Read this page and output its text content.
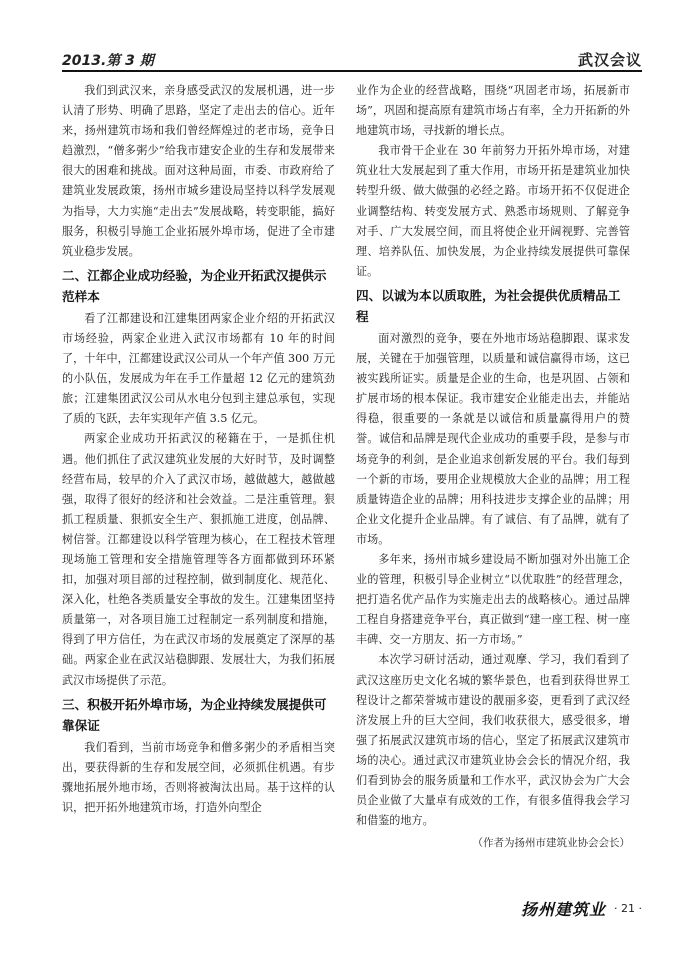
2013.第 3 期	武汉会议

我们到武汉来，亲身感受武汉的发展机遇，进一步认清了形势、明确了思路，坚定了走出去的信心。近年来，扬州建筑市场和我们曾经辉煌过的老市场，竞争日趋激烈，“僧多粥少”给我市建安企业的生存和发展带来很大的困难和挑战。面对这种局面，市委、市政府给了建筑业发展政策，扬州市城乡建设局坚持以科学发展观为指导，大力实施“走出去”发展战略，转变职能，搞好服务，积极引导施工企业拓展外埠市场，促进了全市建筑业稳步发展。

二、江都企业成功经验，为企业开拓武汉提供示范样本

看了江都建设和江建集团两家企业介绍的开拓武汉市场经验，两家企业进入武汉市场都有 10 年的时间了，十年中，江都建设武汉公司从一个年产值 300 万元的小队伍，发展成为年在手工作量超 12 亿元的建筑劲旅；江建集团武汉公司从水电分包到主建总承包，实现了质的飞跃，去年实现年产值 3.5 亿元。

两家企业成功开拓武汉的秘籍在于，一是抓住机遇。他们抓住了武汉建筑业发展的大好时节，及时调整经营布局，较早的介入了武汉市场，越做越大，越做越强，取得了很好的经济和社会效益。二是注重管理。狠抓工程质量、狠抓安全生产、狠抓施工进度，创品牌、树信誉。江都建设以科学管理为核心，在工程技术管理现场施工管理和安全措施管理等各方面都做到环环紧扣，加强对项目部的过程控制，做到制度化、规范化、深入化，杜绝各类质量安全事故的发生。江建集团坚持质量第一，对各项目施工过程制定一系列制度和措施，得到了甲方信任，为在武汉市场的发展奠定了深厚的基础。两家企业在武汉站稳脚跟、发展壮大，为我们拓展武汉市场提供了示范。

三、积极开拓外埠市场，为企业持续发展提供可靠保证

我们看到，当前市场竞争和僧多粥少的矛盾相当突出，要获得新的生存和发展空间，必须抓住机遇。有步骤地拓展外地市场，否则将被淘汰出局。基于这样的认识，把开拓外地建筑市场，打造外向型企

业作为企业的经营战略，围绕“巩固老市场，拓展新市场”，巩固和提高原有建筑市场占有率，全力开拓新的外地建筑市场，寻找新的增长点。

我市骨干企业在 30 年前努力开拓外埠市场，对建筑业壮大发展起到了重大作用，市场开拓是建筑业加快转型升级、做大做强的必经之路。市场开拓不仅促进企业调整结构、转变发展方式、熟悉市场规则、了解竞争对手、广大发展空间，而且将使企业开阔视野、完善管理、培养队伍、加快发展，为企业持续发展提供可靠保证。

四、以诚为本以质取胜，为社会提供优质精品工程

面对激烈的竞争，要在外地市场站稳脚跟、谋求发展，关键在于加强管理，以质量和诚信赢得市场，这已被实践所证实。质量是企业的生命，也是巩固、占领和扩展市场的根本保证。我市建安企业能走出去，并能站得稳，很重要的一条就是以诚信和质量赢得用户的赞誉。诚信和品牌是现代企业成功的重要手段，是参与市场竞争的利剑，是企业追求创新发展的平台。我们每到一个新的市场，要用企业规模放大企业的品牌；用工程质量铸造企业的品牌；用科技进步支撑企业的品牌；用企业文化提升企业品牌。有了诚信、有了品牌，就有了市场。

多年来，扬州市城乡建设局不断加强对外出施工企业的管理，积极引导企业树立“以优取胜”的经营理念，把打造名优产品作为实施走出去的战略核心。通过品牌工程自身搭建竞争平台，真正做到“建一座工程、树一座丰碑、交一方朋友、拓一方市场。”

本次学习研讨活动，通过观摩、学习，我们看到了武汉这座历史文化名城的繁华景色，也看到获得世界工程设计之都荣誉城市建设的靓丽多姿，更看到了武汉经济发展上升的巨大空间，我们收获很大，感受很多，增强了拓展武汉建筑市场的信心，坚定了拓展武汉建筑市场的决心。通过武汉市建筑业协会会长的情况介绍，我们看到协会的服务质量和工作水平，武汉协会为广大会员企业做了大量卓有成效的工作，有很多值得我会学习和借鉴的地方。

（作者为扬州市建筑业协会会长）

扬州建筑业 · 21 ·
